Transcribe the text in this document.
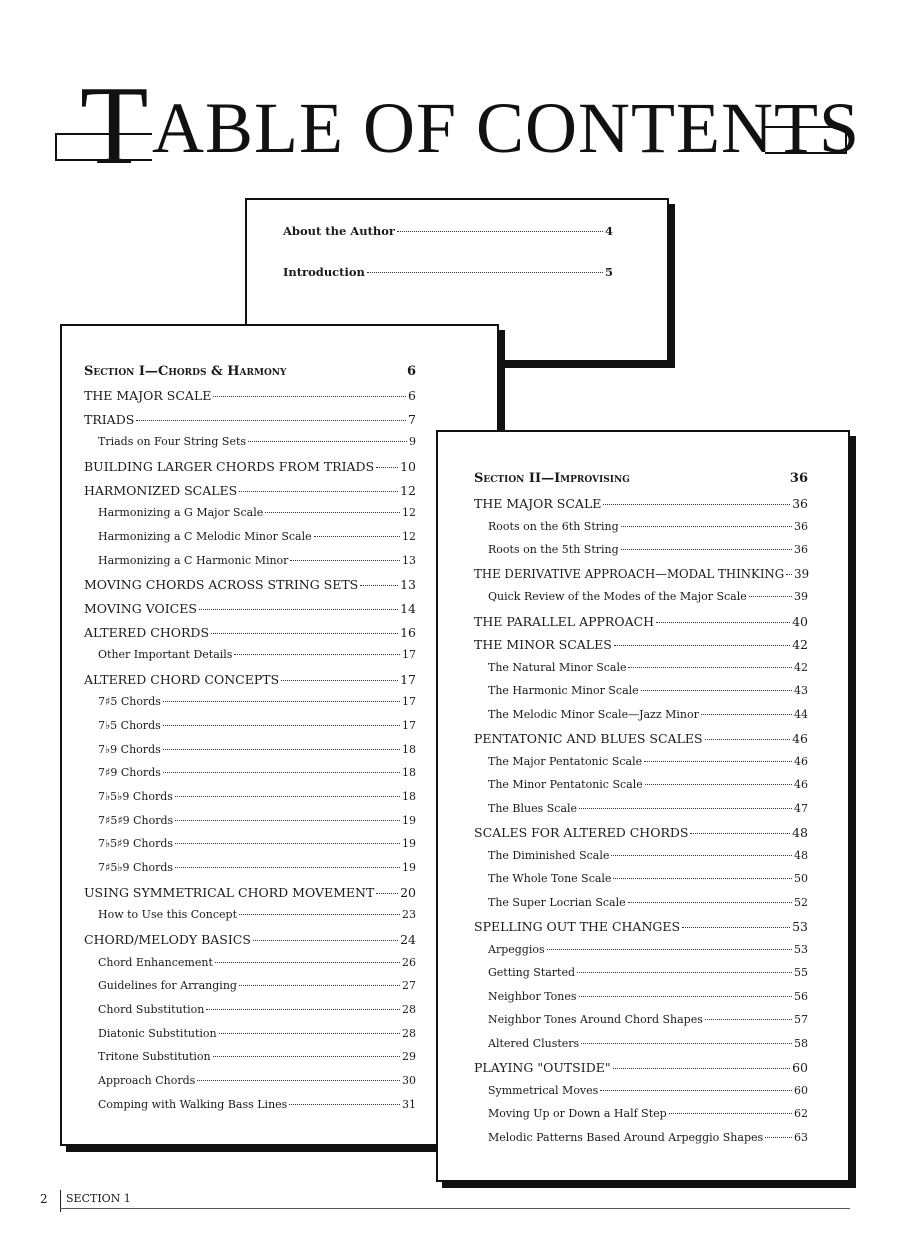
T ABLE OF CONTENTS
About the Author	4
Introduction	5
Section I—Chords & Harmony	6
THE MAJOR SCALE	6
TRIADS	7
Triads on Four String Sets	9
BUILDING LARGER CHORDS FROM TRIADS 10
HARMONIZED SCALES	12
Harmonizing a G Major Scale	12
Harmonizing a C Melodic Minor Scale	12
Harmonizing a C Harmonic Minor	13
MOVING CHORDS ACROSS STRING SETS	13
MOVING VOICES	14
ALTERED CHORDS	16
Other Important Details	17
ALTERED CHORD CONCEPTS	17
7♯5 Chords	17
7♭5 Chords	17
7♭9 Chords	18
7♯9 Chords	18
7♭5♭9 Chords	18
7♯5♯9 Chords	19
7♭5♯9 Chords	19
7♯5♭9 Chords	19
USING SYMMETRICAL CHORD MOVEMENT 20
How to Use this Concept	23
CHORD/MELODY BASICS	24
Chord Enhancement	26
Guidelines for Arranging	27
Chord Substitution	28
Diatonic Substitution	28
Tritone Substitution	29
Approach Chords	30
Comping with Walking Bass Lines	31
Section II—Improvising	36
THE MAJOR SCALE	36
Roots on the 6th String	36
Roots on the 5th String	36
THE DERIVATIVE APPROACH—MODAL THINKING 39
Quick Review of the Modes of the Major Scale	39
THE PARALLEL APPROACH	40
THE MINOR SCALES	42
The Natural Minor Scale	42
The Harmonic Minor Scale	43
The Melodic Minor Scale—Jazz Minor	44
PENTATONIC AND BLUES SCALES	46
The Major Pentatonic Scale	46
The Minor Pentatonic Scale	46
The Blues Scale	47
SCALES FOR ALTERED CHORDS	48
The Diminished Scale	48
The Whole Tone Scale	50
The Super Locrian Scale	52
SPELLING OUT THE CHANGES	53
Arpeggios	53
Getting Started	55
Neighbor Tones	56
Neighbor Tones Around Chord Shapes	57
Altered Clusters	58
PLAYING "OUTSIDE"	60
Symmetrical Moves	60
Moving Up or Down a Half Step	62
Melodic Patterns Based Around Arpeggio Shapes	63
2 SECTION 1
